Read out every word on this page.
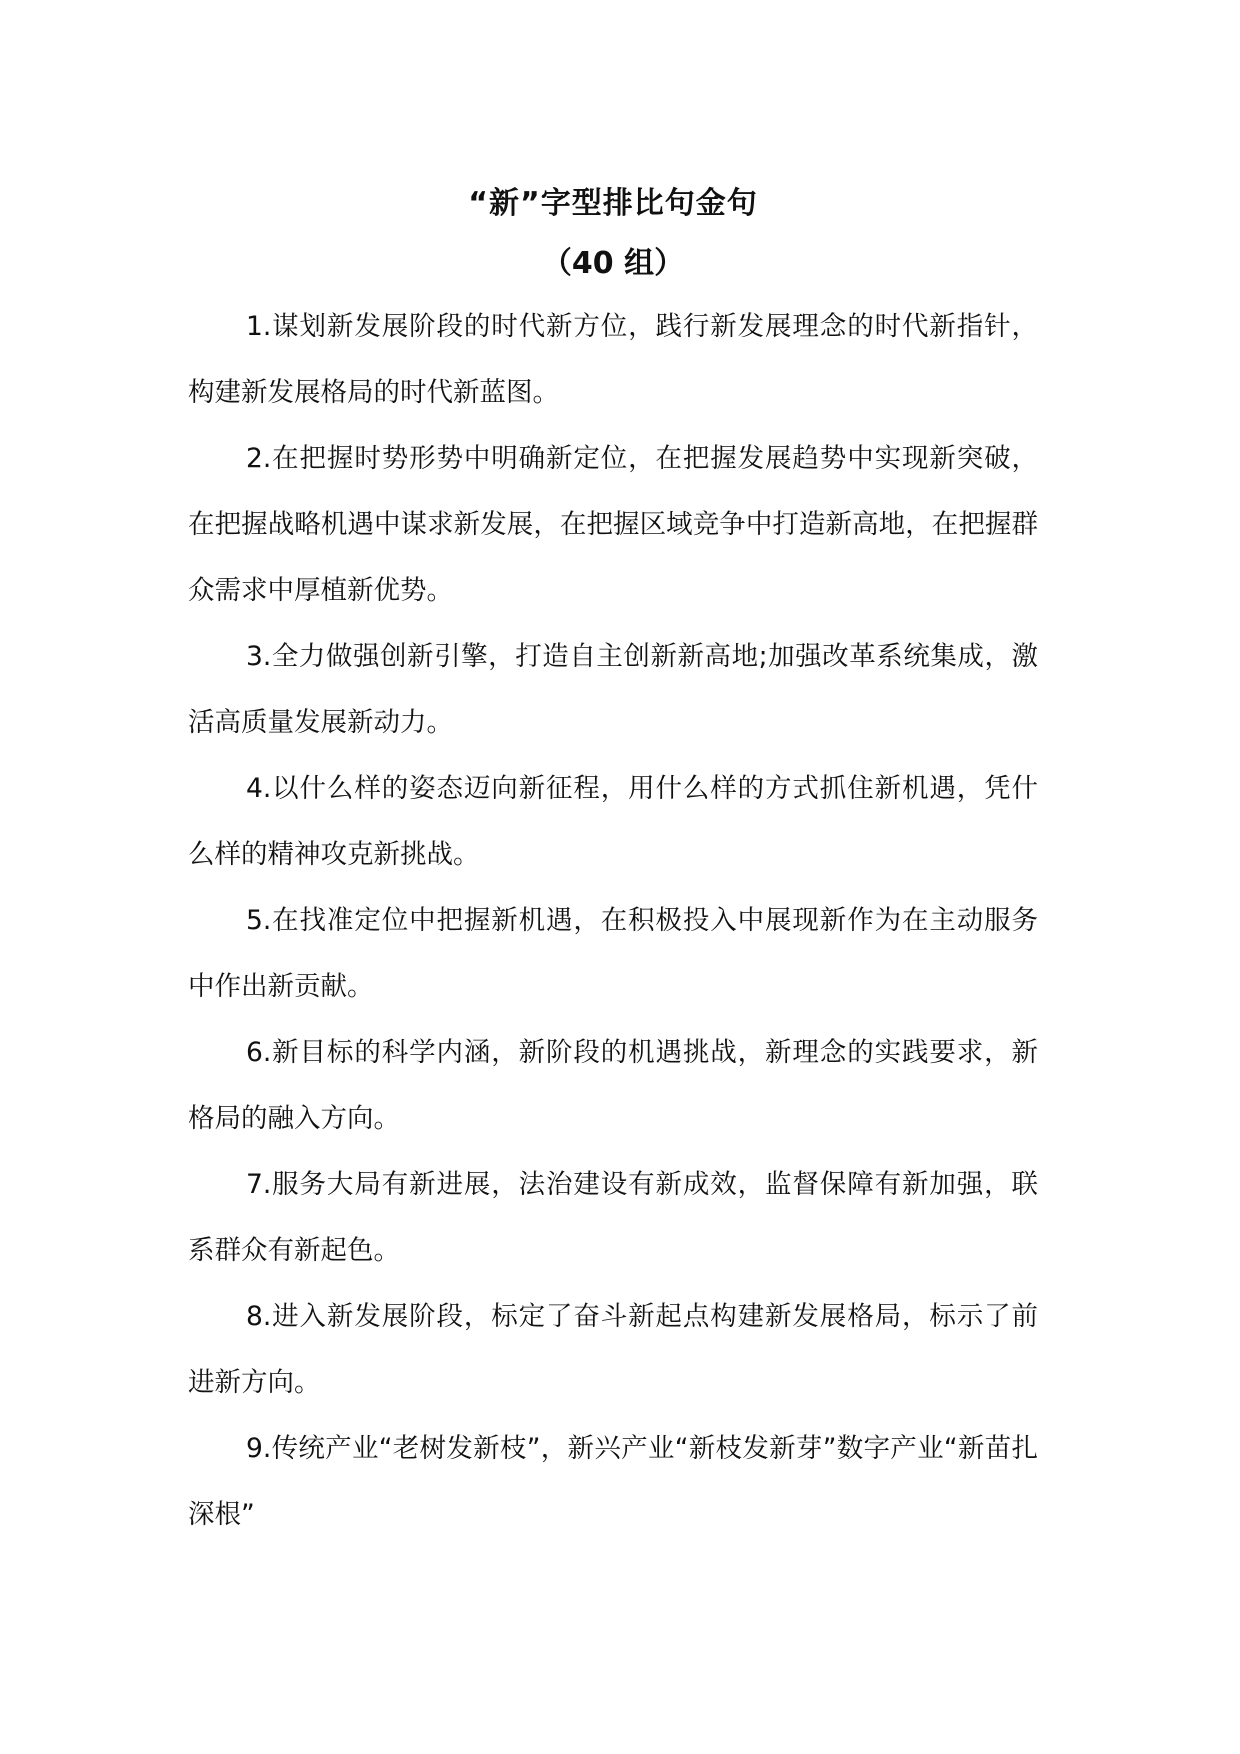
“新”字型排比句金句
（40 组）

1.谋划新发展阶段的时代新方位，践行新发展理念的时代新指针，构建新发展格局的时代新蓝图。

2.在把握时势形势中明确新定位，在把握发展趋势中实现新突破，在把握战略机遇中谋求新发展，在把握区域竞争中打造新高地，在把握群众需求中厚植新优势。

3.全力做强创新引擎，打造自主创新新高地;加强改革系统集成，激活高质量发展新动力。

4.以什么样的姿态迈向新征程，用什么样的方式抓住新机遇，凭什么样的精神攻克新挑战。

5.在找准定位中把握新机遇，在积极投入中展现新作为在主动服务中作出新贡献。

6.新目标的科学内涵，新阶段的机遇挑战，新理念的实践要求，新格局的融入方向。

7.服务大局有新进展，法治建设有新成效，监督保障有新加强，联系群众有新起色。

8.进入新发展阶段，标定了奋斗新起点构建新发展格局，标示了前进新方向。

9.传统产业“老树发新枝”，新兴产业“新枝发新芽”数字产业“新苗扎深根”
